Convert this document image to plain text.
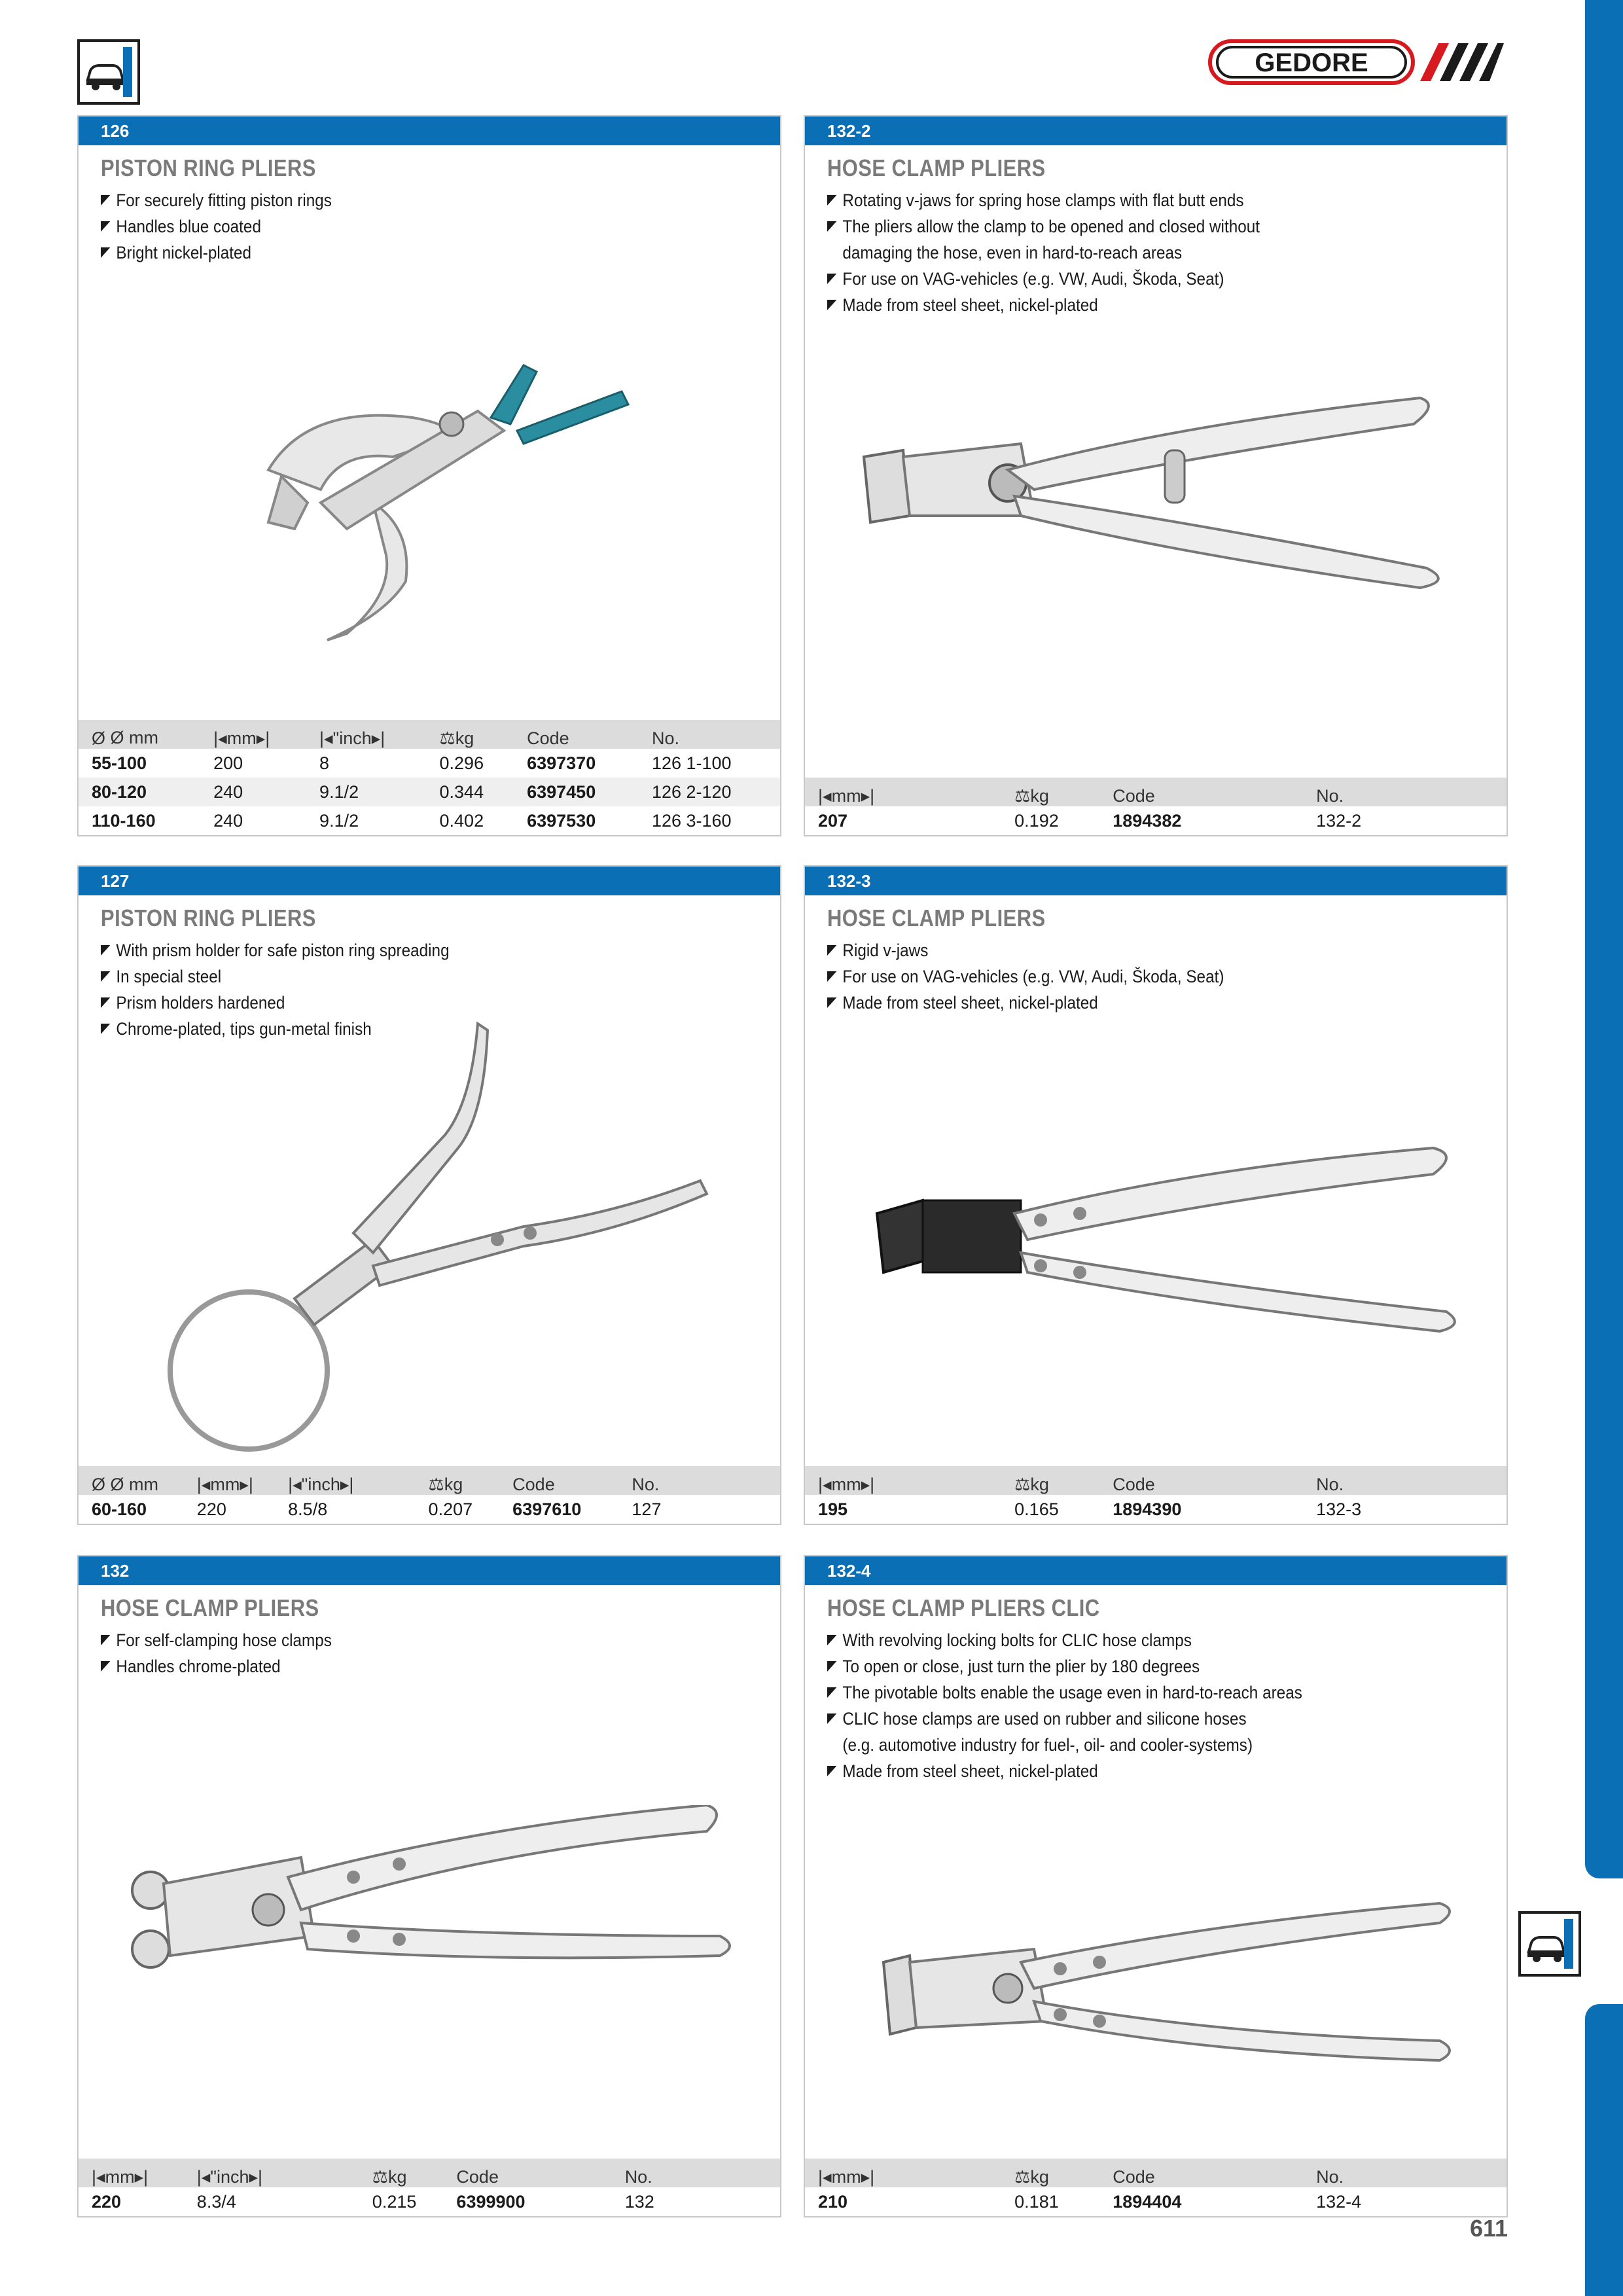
GEDORE
126
PISTON RING PLIERS
For securely fitting piston rings
Handles blue coated
Bright nickel-plated
Ø Ø mm	|◂mm▸|	|◂"inch▸|	⚖kg	Code	No.
55-100	200	8	0.296	6397370	126 1-100
80-120	240	9.1/2	0.344	6397450	126 2-120
110-160	240	9.1/2	0.402	6397530	126 3-160
132-2
HOSE CLAMP PLIERS
Rotating v-jaws for spring hose clamps with flat butt ends
The pliers allow the clamp to be opened and closed without
damaging the hose, even in hard-to-reach areas
For use on VAG-vehicles (e.g. VW, Audi, Škoda, Seat)
Made from steel sheet, nickel-plated
|◂mm▸|	⚖kg	Code	No.
207	0.192	1894382	132-2
127
PISTON RING PLIERS
With prism holder for safe piston ring spreading
In special steel
Prism holders hardened
Chrome-plated, tips gun-metal finish
Ø Ø mm	|◂mm▸|	|◂"inch▸|	⚖kg	Code	No.
60-160	220	8.5/8	0.207	6397610	127
132-3
HOSE CLAMP PLIERS
Rigid v-jaws
For use on VAG-vehicles (e.g. VW, Audi, Škoda, Seat)
Made from steel sheet, nickel-plated
|◂mm▸|	⚖kg	Code	No.
195	0.165	1894390	132-3
132
HOSE CLAMP PLIERS
For self-clamping hose clamps
Handles chrome-plated
|◂mm▸|	|◂"inch▸|	⚖kg	Code	No.
220	8.3/4	0.215	6399900	132
132-4
HOSE CLAMP PLIERS CLIC
With revolving locking bolts for CLIC hose clamps
To open or close, just turn the plier by 180 degrees
The pivotable bolts enable the usage even in hard-to-reach areas
CLIC hose clamps are used on rubber and silicone hoses
(e.g. automotive industry for fuel-, oil- and cooler-systems)
Made from steel sheet, nickel-plated
|◂mm▸|	⚖kg	Code	No.
210	0.181	1894404	132-4
611
